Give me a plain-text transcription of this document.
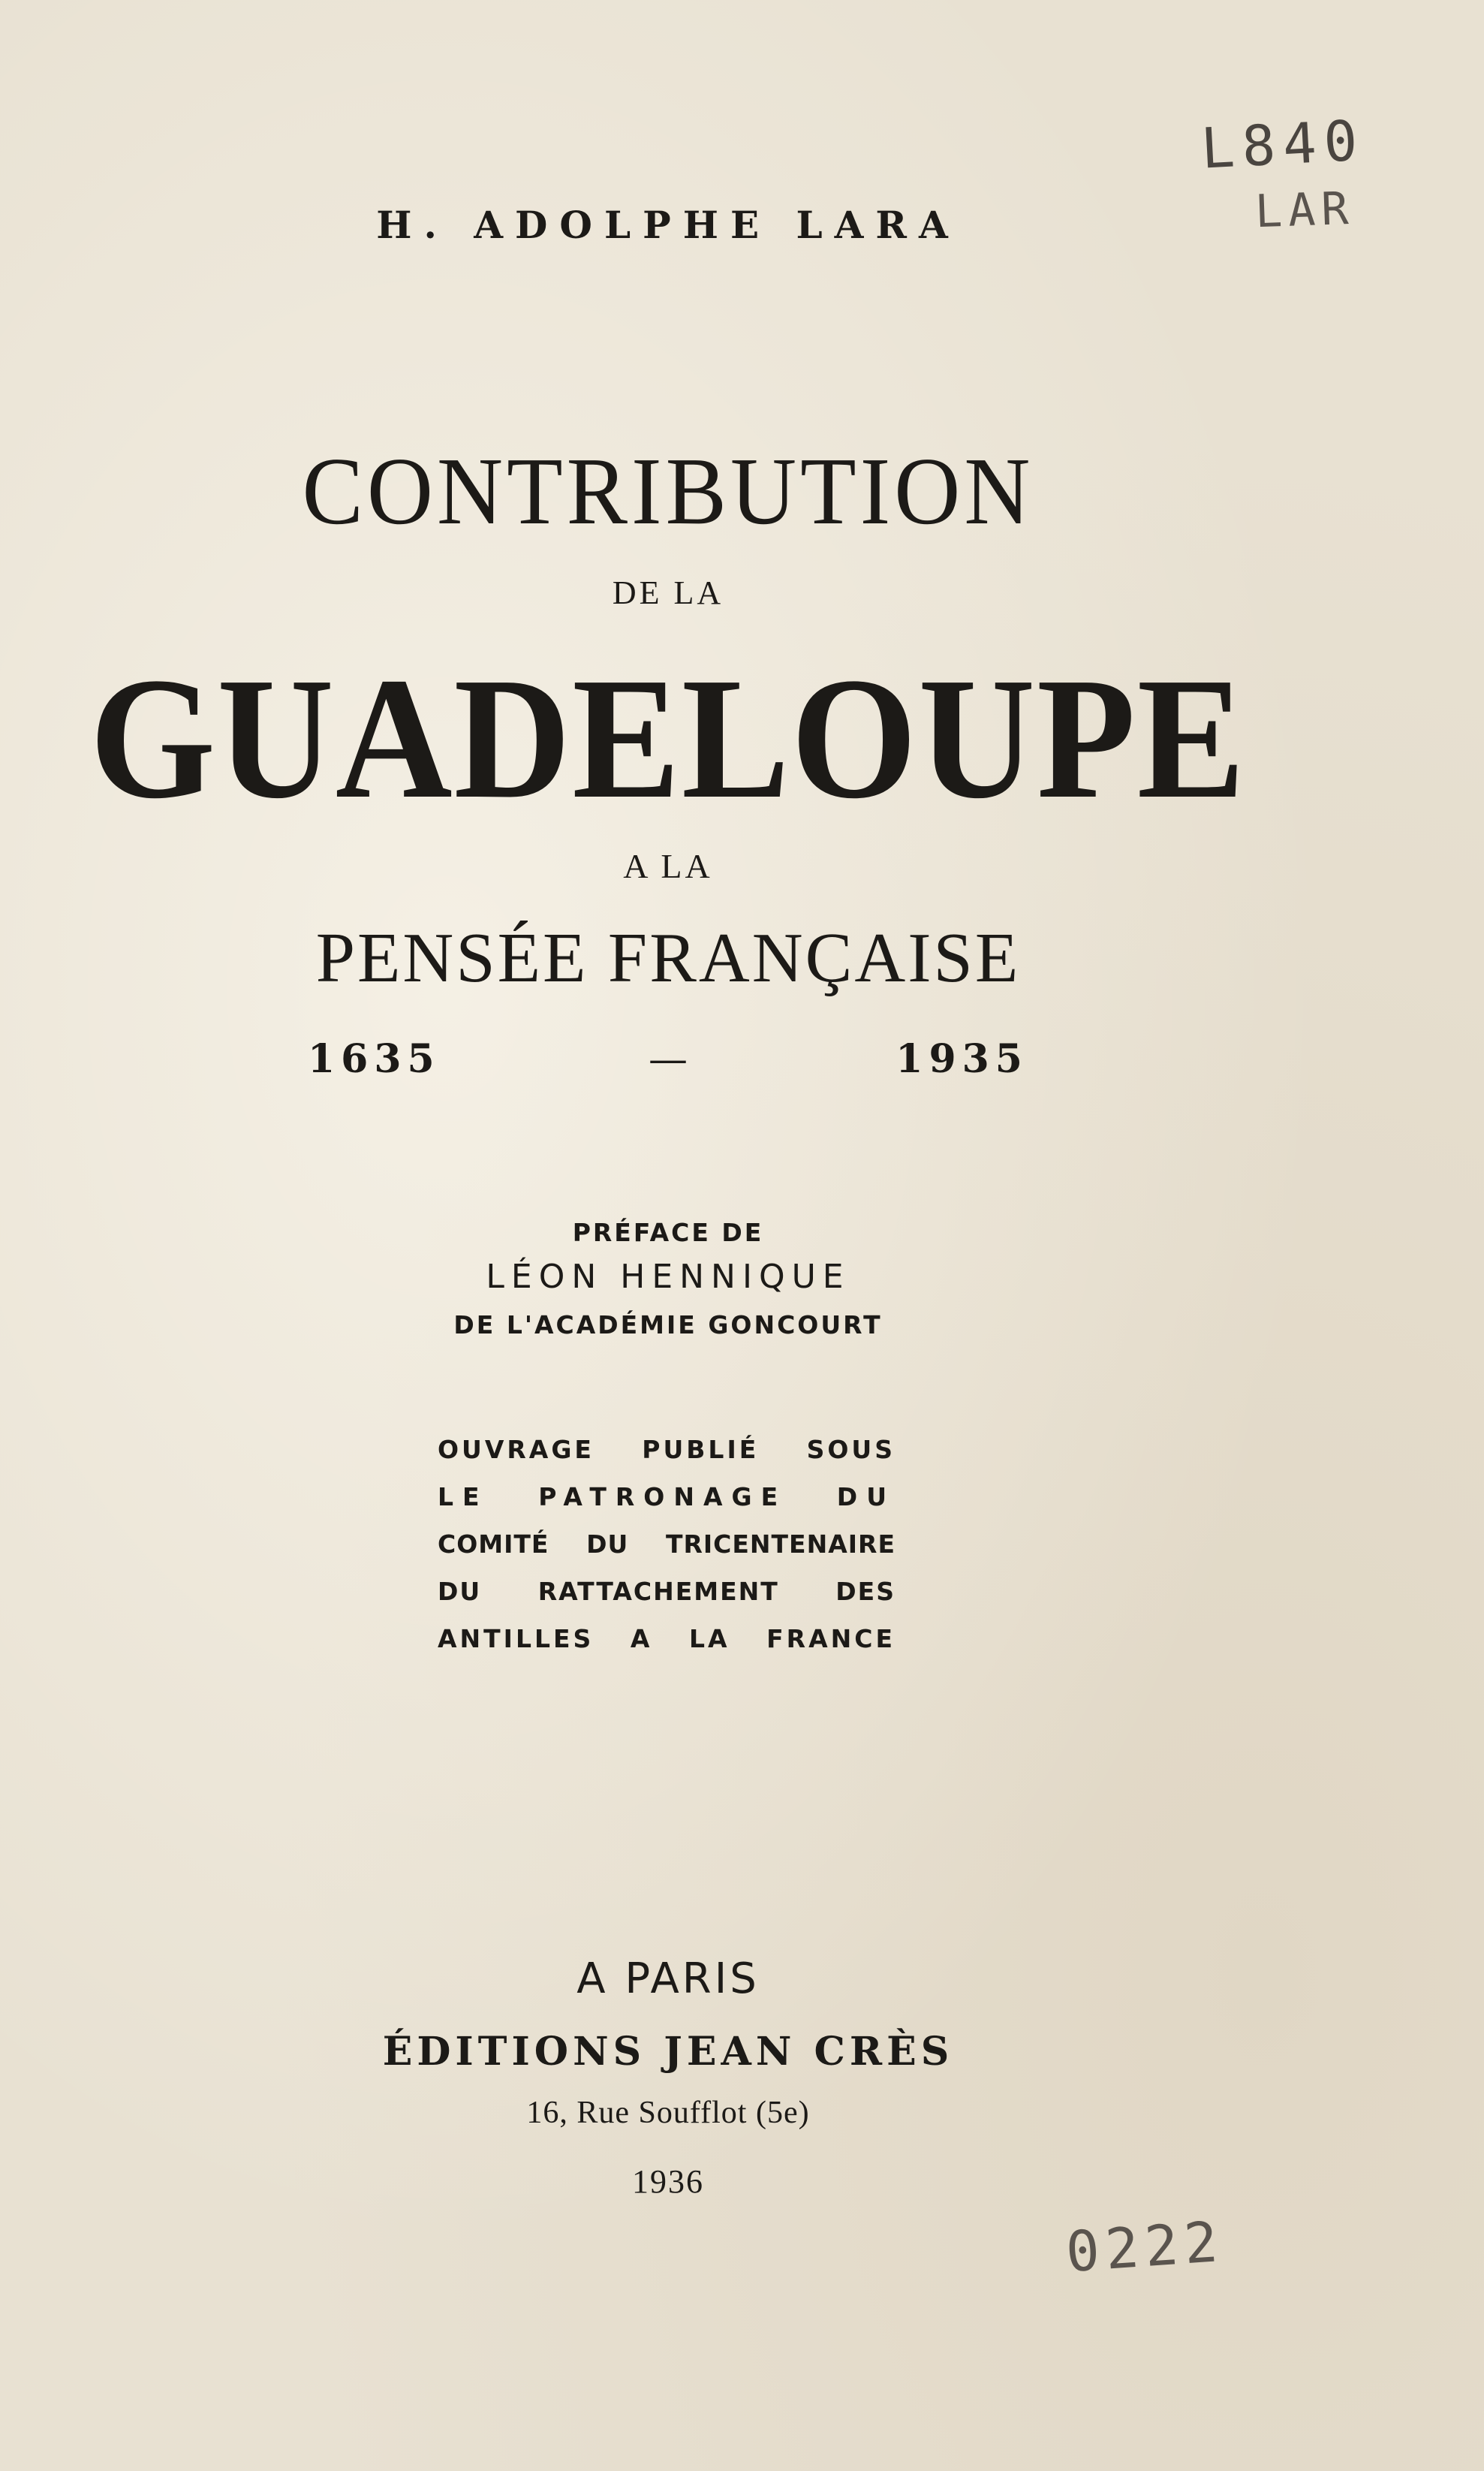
L840
LAR

H. ADOLPHE LARA

CONTRIBUTION

DE LA

GUADELOUPE

A LA

PENSÉE FRANÇAISE

1635	—	1935

PRÉFACE DE

LÉON HENNIQUE

DE L'ACADÉMIE GONCOURT

OUVRAGE PUBLIÉ SOUS
LE PATRONAGE DU
COMITÉ DU TRICENTENAIRE
DU RATTACHEMENT DES
ANTILLES A LA FRANCE

A PARIS

ÉDITIONS JEAN CRÈS

16, Rue Soufflot (5e)

1936

0222
